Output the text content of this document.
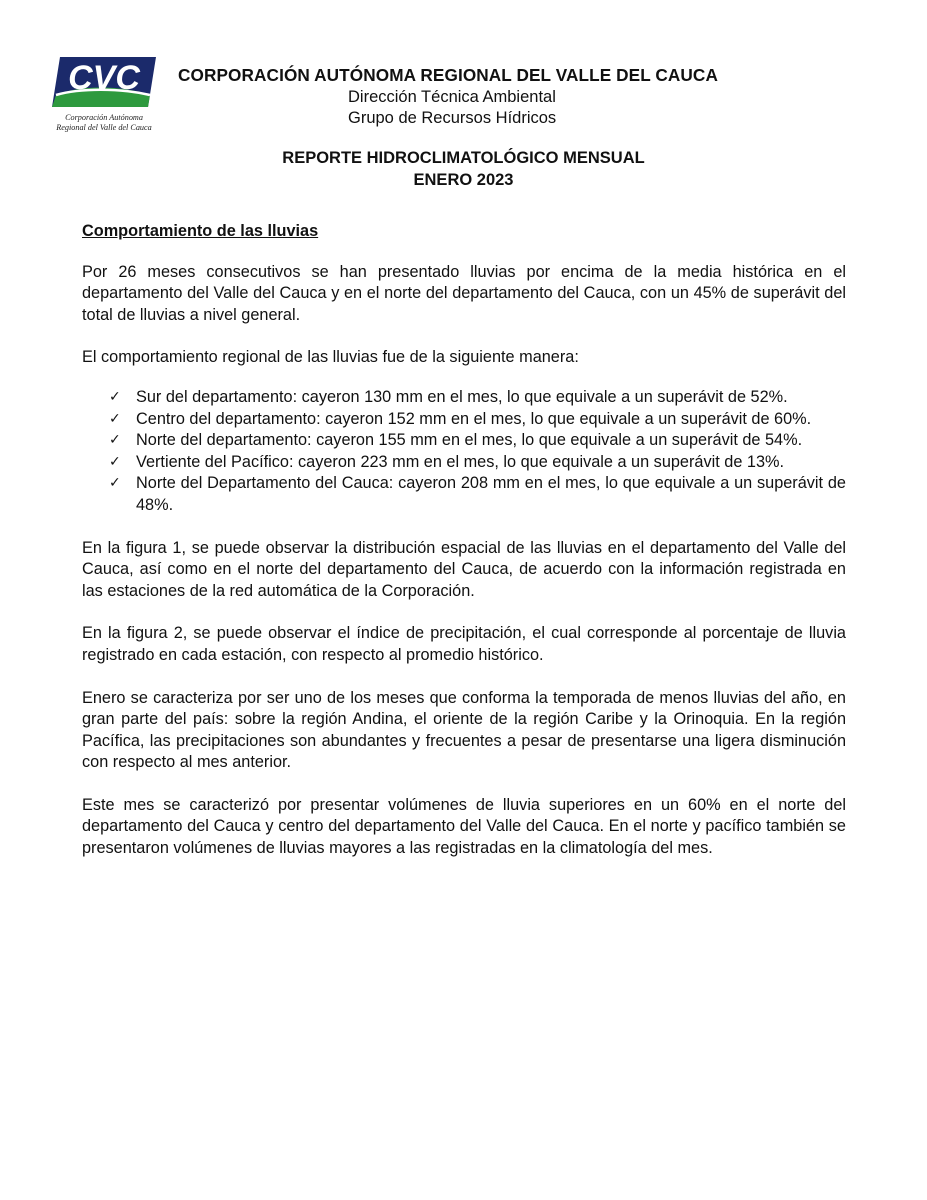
CVC
Corporación Autónoma
Regional del Valle del Cauca
CORPORACIÓN AUTÓNOMA REGIONAL DEL VALLE DEL CAUCA
Dirección Técnica Ambiental
Grupo de Recursos Hídricos
REPORTE HIDROCLIMATOLÓGICO MENSUAL
ENERO 2023
Comportamiento de las lluvias

Por 26 meses consecutivos se han presentado lluvias por encima de la media histórica en el departamento del Valle del Cauca y en el norte del departamento del Cauca, con un 45% de superávit del total de lluvias a nivel general.

El comportamiento regional de las lluvias fue de la siguiente manera:

✓ Sur del departamento: cayeron 130 mm en el mes, lo que equivale a un superávit de 52%.
✓ Centro del departamento: cayeron 152 mm en el mes, lo que equivale a un superávit de 60%.
✓ Norte del departamento: cayeron 155 mm en el mes, lo que equivale a un superávit de 54%.
✓ Vertiente del Pacífico: cayeron 223 mm en el mes, lo que equivale a un superávit de 13%.
✓ Norte del Departamento del Cauca: cayeron 208 mm en el mes, lo que equivale a un superávit de 48%.

En la figura 1, se puede observar la distribución espacial de las lluvias en el departamento del Valle del Cauca, así como en el norte del departamento del Cauca, de acuerdo con la información registrada en las estaciones de la red automática de la Corporación.

En la figura 2, se puede observar el índice de precipitación, el cual corresponde al porcentaje de lluvia registrado en cada estación, con respecto al promedio histórico.

Enero se caracteriza por ser uno de los meses que conforma la temporada de menos lluvias del año, en gran parte del país: sobre la región Andina, el oriente de la región Caribe y la Orinoquia. En la región Pacífica, las precipitaciones son abundantes y frecuentes a pesar de presentarse una ligera disminución con respecto al mes anterior.

Este mes se caracterizó por presentar volúmenes de lluvia superiores en un 60% en el norte del departamento del Cauca y centro del departamento del Valle del Cauca. En el norte y pacífico también se presentaron volúmenes de lluvias mayores a las registradas en la climatología del mes.
